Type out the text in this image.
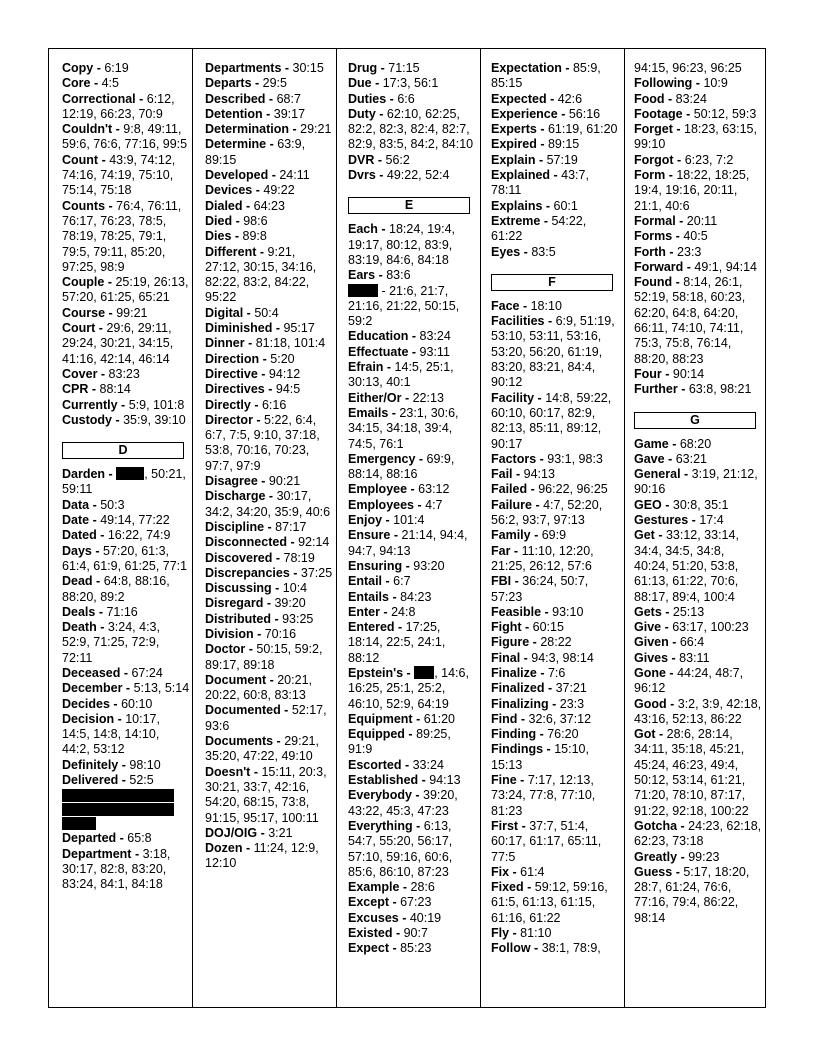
Copy - 6:19
Core - 4:5
Correctional - 6:12, 12:19, 66:23, 70:9
Couldn't - 9:8, 49:11, 59:6, 76:6, 77:16, 99:5
Count - 43:9, 74:12, 74:16, 74:19, 75:10, 75:14, 75:18
Counts - 76:4, 76:11, 76:17, 76:23, 78:5, 78:19, 78:25, 79:1, 79:5, 79:11, 85:20, 97:25, 98:9
Couple - 25:19, 26:13, 57:20, 61:25, 65:21
Course - 99:21
Court - 29:6, 29:11, 29:24, 30:21, 34:15, 41:16, 42:14, 46:14
Cover - 83:23
CPR - 88:14
Currently - 5:9, 101:8
Custody - 35:9, 39:10
D
Darden - , 50:21, 59:11
Data - 50:3
Date - 49:14, 77:22
Dated - 16:22, 74:9
Days - 57:20, 61:3, 61:4, 61:9, 61:25, 77:1
Dead - 64:8, 88:16, 88:20, 89:2
Deals - 71:16
Death - 3:24, 4:3, 52:9, 71:25, 72:9, 72:11
Deceased - 67:24
December - 5:13, 5:14
Decides - 60:10
Decision - 10:17, 14:5, 14:8, 14:10, 44:2, 53:12
Definitely - 98:10
Delivered - 52:5
Departed - 65:8
Department - 3:18, 30:17, 82:8, 83:20, 83:24, 84:1, 84:18
Departments - 30:15
Departs - 29:5
Described - 68:7
Detention - 39:17
Determination - 29:21
Determine - 63:9, 89:15
Developed - 24:11
Devices - 49:22
Dialed - 64:23
Died - 98:6
Dies - 89:8
Different - 9:21, 27:12, 30:15, 34:16, 82:22, 83:2, 84:22, 95:22
Digital - 50:4
Diminished - 95:17
Dinner - 81:18, 101:4
Direction - 5:20
Directive - 94:12
Directives - 94:5
Directly - 6:16
Director - 5:22, 6:4, 6:7, 7:5, 9:10, 37:18, 53:8, 70:16, 70:23, 97:7, 97:9
Disagree - 90:21
Discharge - 30:17, 34:2, 34:20, 35:9, 40:6
Discipline - 87:17
Disconnected - 92:14
Discovered - 78:19
Discrepancies - 37:25
Discussing - 10:4
Disregard - 39:20
Distributed - 93:25
Division - 70:16
Doctor - 50:15, 59:2, 89:17, 89:18
Document - 20:21, 20:22, 60:8, 83:13
Documented - 52:17, 93:6
Documents - 29:21, 35:20, 47:22, 49:10
Doesn't - 15:11, 20:3, 30:21, 33:7, 42:16, 54:20, 68:15, 73:8, 91:15, 95:17, 100:11
DOJ/OIG - 3:21
Dozen - 11:24, 12:9, 12:10
Drug - 71:15
Due - 17:3, 56:1
Duties - 6:6
Duty - 62:10, 62:25, 82:2, 82:3, 82:4, 82:7, 82:9, 83:5, 84:2, 84:10
DVR - 56:2
Dvrs - 49:22, 52:4
E
Each - 18:24, 19:4, 19:17, 80:12, 83:9, 83:19, 84:6, 84:18
Ears - 83:6
- 21:6, 21:7, 21:16, 21:22, 50:15, 59:2
Education - 83:24
Effectuate - 93:11
Efrain - 14:5, 25:1, 30:13, 40:1
Either/Or - 22:13
Emails - 23:1, 30:6, 34:15, 34:18, 39:4, 74:5, 76:1
Emergency - 69:9, 88:14, 88:16
Employee - 63:12
Employees - 4:7
Enjoy - 101:4
Ensure - 21:14, 94:4, 94:7, 94:13
Ensuring - 93:20
Entail - 6:7
Entails - 84:23
Enter - 24:8
Entered - 17:25, 18:14, 22:5, 24:1, 88:12
Epstein's - , 14:6, 16:25, 25:1, 25:2, 46:10, 52:9, 64:19
Equipment - 61:20
Equipped - 89:25, 91:9
Escorted - 33:24
Established - 94:13
Everybody - 39:20, 43:22, 45:3, 47:23
Everything - 6:13, 54:7, 55:20, 56:17, 57:10, 59:16, 60:6, 85:6, 86:10, 87:23
Example - 28:6
Except - 67:23
Excuses - 40:19
Existed - 90:7
Expect - 85:23
Expectation - 85:9, 85:15
Expected - 42:6
Experience - 56:16
Experts - 61:19, 61:20
Expired - 89:15
Explain - 57:19
Explained - 43:7, 78:11
Explains - 60:1
Extreme - 54:22, 61:22
Eyes - 83:5
F
Face - 18:10
Facilities - 6:9, 51:19, 53:10, 53:11, 53:16, 53:20, 56:20, 61:19, 83:20, 83:21, 84:4, 90:12
Facility - 14:8, 59:22, 60:10, 60:17, 82:9, 82:13, 85:11, 89:12, 90:17
Factors - 93:1, 98:3
Fail - 94:13
Failed - 96:22, 96:25
Failure - 4:7, 52:20, 56:2, 93:7, 97:13
Family - 69:9
Far - 11:10, 12:20, 21:25, 26:12, 57:6
FBI - 36:24, 50:7, 57:23
Feasible - 93:10
Fight - 60:15
Figure - 28:22
Final - 94:3, 98:14
Finalize - 7:6
Finalized - 37:21
Finalizing - 23:3
Find - 32:6, 37:12
Finding - 76:20
Findings - 15:10, 15:13
Fine - 7:17, 12:13, 73:24, 77:8, 77:10, 81:23
First - 37:7, 51:4, 60:17, 61:17, 65:11, 77:5
Fix - 61:4
Fixed - 59:12, 59:16, 61:5, 61:13, 61:15, 61:16, 61:22
Fly - 81:10
Follow - 38:1, 78:9,
94:15, 96:23, 96:25
Following - 10:9
Food - 83:24
Footage - 50:12, 59:3
Forget - 18:23, 63:15, 99:10
Forgot - 6:23, 7:2
Form - 18:22, 18:25, 19:4, 19:16, 20:11, 21:1, 40:6
Formal - 20:11
Forms - 40:5
Forth - 23:3
Forward - 49:1, 94:14
Found - 8:14, 26:1, 52:19, 58:18, 60:23, 62:20, 64:8, 64:20, 66:11, 74:10, 74:11, 75:3, 75:8, 76:14, 88:20, 88:23
Four - 90:14
Further - 63:8, 98:21
G
Game - 68:20
Gave - 63:21
General - 3:19, 21:12, 90:16
GEO - 30:8, 35:1
Gestures - 17:4
Get - 33:12, 33:14, 34:4, 34:5, 34:8, 40:24, 51:20, 53:8, 61:13, 61:22, 70:6, 88:17, 89:4, 100:4
Gets - 25:13
Give - 63:17, 100:23
Given - 66:4
Gives - 83:11
Gone - 44:24, 48:7, 96:12
Good - 3:2, 3:9, 42:18, 43:16, 52:13, 86:22
Got - 28:6, 28:14, 34:11, 35:18, 45:21, 45:24, 46:23, 49:4, 50:12, 53:14, 61:21, 71:20, 78:10, 87:17, 91:22, 92:18, 100:22
Gotcha - 24:23, 62:18, 62:23, 73:18
Greatly - 99:23
Guess - 5:17, 18:20, 28:7, 61:24, 76:6, 77:16, 79:4, 86:22, 98:14
